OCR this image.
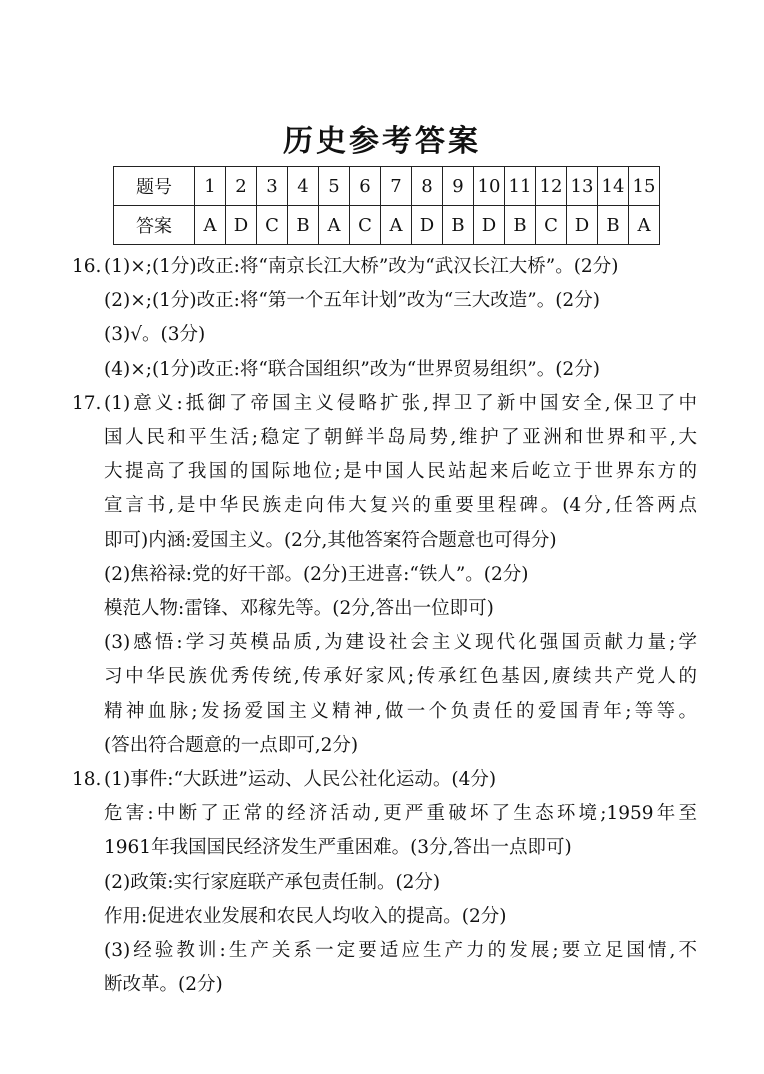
历史参考答案
题号	1	2	3	4	5	6	7	8	9	10	11	12	13	14	15
答案	A	D	C	B	A	C	A	D	B	D	B	C	D	B	A
16. (1)×;(1分)改正:将“南京长江大桥”改为“武汉长江大桥”。(2分)
(2)×;(1分)改正:将“第一个五年计划”改为“三大改造”。(2分)
(3)√。(3分)
(4)×;(1分)改正:将“联合国组织”改为“世界贸易组织”。(2分)
17. (1)意义:抵御了帝国主义侵略扩张,捍卫了新中国安全,保卫了中
国人民和平生活;稳定了朝鲜半岛局势,维护了亚洲和世界和平,大
大提高了我国的国际地位;是中国人民站起来后屹立于世界东方的
宣言书,是中华民族走向伟大复兴的重要里程碑。(4分,任答两点
即可)内涵:爱国主义。(2分,其他答案符合题意也可得分)
(2)焦裕禄:党的好干部。(2分)王进喜:“铁人”。(2分)
模范人物:雷锋、邓稼先等。(2分,答出一位即可)
(3)感悟:学习英模品质,为建设社会主义现代化强国贡献力量;学
习中华民族优秀传统,传承好家风;传承红色基因,赓续共产党人的
精神血脉;发扬爱国主义精神,做一个负责任的爱国青年;等等。
(答出符合题意的一点即可,2分)
18. (1)事件:“大跃进”运动、人民公社化运动。(4分)
危害:中断了正常的经济活动,更严重破坏了生态环境;1959年至
1961年我国国民经济发生严重困难。(3分,答出一点即可)
(2)政策:实行家庭联产承包责任制。(2分)
作用:促进农业发展和农民人均收入的提高。(2分)
(3)经验教训:生产关系一定要适应生产力的发展;要立足国情,不
断改革。(2分)
